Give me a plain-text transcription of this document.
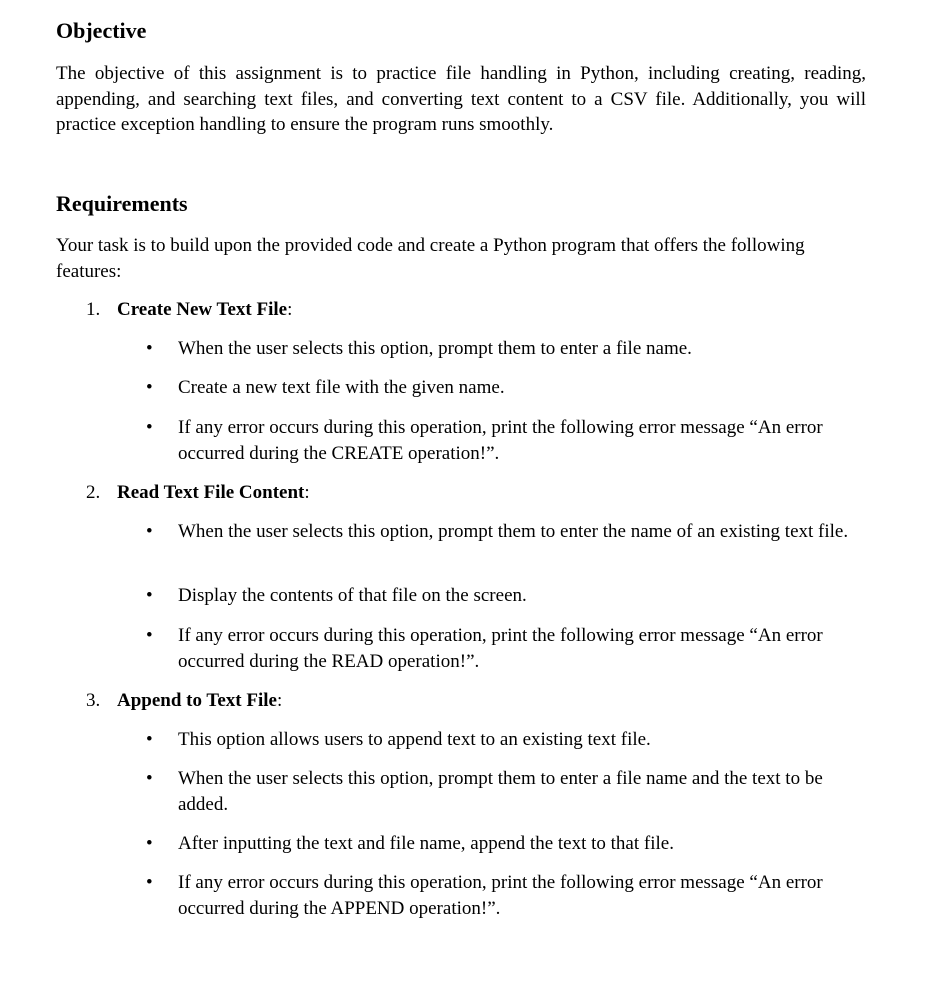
Objective

The objective of this assignment is to practice file handling in Python, including creating, reading, appending, and searching text files, and converting text content to a CSV file. Additionally, you will practice exception handling to ensure the program runs smoothly.

Requirements

Your task is to build upon the provided code and create a Python program that offers the following features:

1. Create New Text File:
•	When the user selects this option, prompt them to enter a file name.
•	Create a new text file with the given name.
•	If any error occurs during this operation, print the following error message “An error occurred during the CREATE operation!”.
2. Read Text File Content:
•	When the user selects this option, prompt them to enter the name of an existing text file.
•	Display the contents of that file on the screen.
•	If any error occurs during this operation, print the following error message “An error occurred during the READ operation!”.
3. Append to Text File:
•	This option allows users to append text to an existing text file.
•	When the user selects this option, prompt them to enter a file name and the text to be added.
•	After inputting the text and file name, append the text to that file.
•	If any error occurs during this operation, print the following error message “An error occurred during the APPEND operation!”.
